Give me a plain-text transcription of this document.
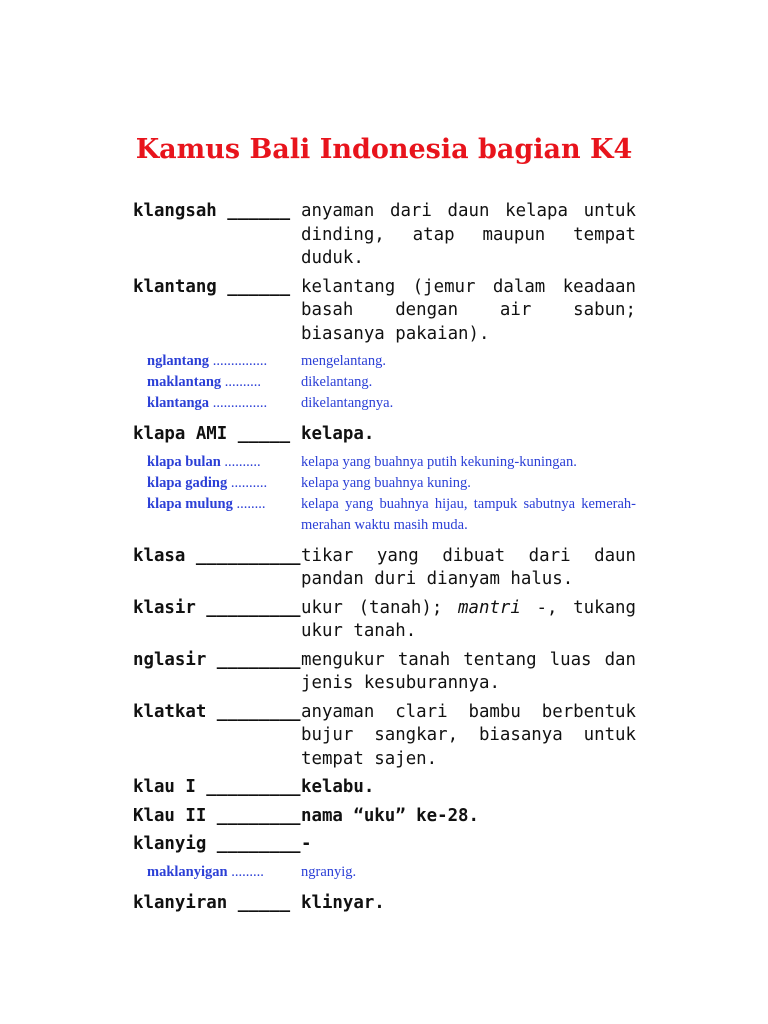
Kamus Bali Indonesia bagian K4
klangsah ______ anyaman dari daun kelapa untuk dinding, atap maupun tempat duduk.
klantang ______ kelantang (jemur dalam keadaan basah dengan air sabun; biasanya pakaian).
nglantang ...............	mengelantang.
maklantang ..........	dikelantang.
klantanga ...............	dikelantangnya.
klapa AMI _____ kelapa.
klapa bulan ..........	kelapa yang buahnya putih kekuning-kuningan.
klapa gading ..........	kelapa yang buahnya kuning.
klapa mulung ........	kelapa yang buahnya hijau, tampuk sabutnya kemerah-merahan waktu masih muda.
klasa __________ tikar yang dibuat dari daun pandan duri dianyam halus.
klasir _________ ukur (tanah); mantri -, tukang ukur tanah.
nglasir ________ mengukur tanah tentang luas dan jenis kesuburannya.
klatkat ________ anyaman clari bambu berbentuk bujur sangkar, biasanya untuk tempat sajen.
klau I _________ kelabu.
Klau II ________ nama “uku” ke-28.
klanyig ________ -
maklanyigan .........	ngranyig.
klanyiran _____ klinyar.
